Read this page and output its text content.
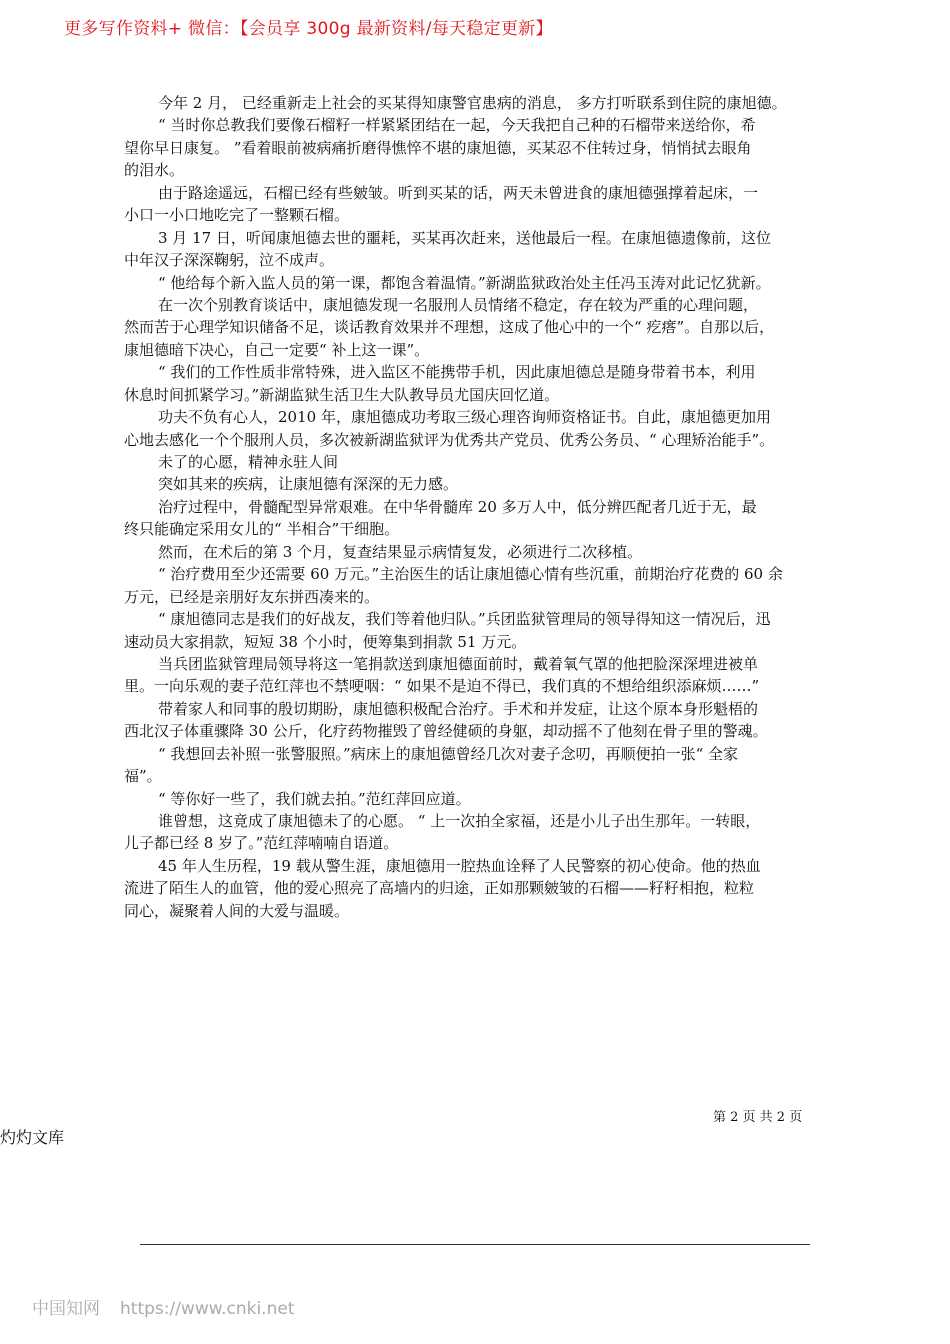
更多写作资料+ 微信：【会员享 300g 最新资料/每天稳定更新】
今年 2 月， 已经重新走上社会的买某得知康警官患病的消息， 多方打听联系到住院的康旭德。
“ 当时你总教我们要像石榴籽一样紧紧团结在一起，今天我把自己种的石榴带来送给你，希
望你早日康复。 ”看着眼前被病痛折磨得憔悴不堪的康旭德，买某忍不住转过身，悄悄拭去眼角
的泪水。
由于路途遥远，石榴已经有些皴皱。听到买某的话，两天未曾进食的康旭德强撑着起床，一
小口一小口地吃完了一整颗石榴。
3 月 17 日，听闻康旭德去世的噩耗，买某再次赶来，送他最后一程。在康旭德遗像前，这位
中年汉子深深鞠躬，泣不成声。
“ 他给每个新入监人员的第一课，都饱含着温情。”新湖监狱政治处主任冯玉涛对此记忆犹新。
在一次个别教育谈话中，康旭德发现一名服刑人员情绪不稳定，存在较为严重的心理问题，
然而苦于心理学知识储备不足，谈话教育效果并不理想，这成了他心中的一个“ 疙瘩”。自那以后，
康旭德暗下决心，自己一定要“ 补上这一课”。
“ 我们的工作性质非常特殊，进入监区不能携带手机，因此康旭德总是随身带着书本，利用
休息时间抓紧学习。”新湖监狱生活卫生大队教导员尤国庆回忆道。
功夫不负有心人，2010 年，康旭德成功考取三级心理咨询师资格证书。自此，康旭德更加用
心地去感化一个个服刑人员，多次被新湖监狱评为优秀共产党员、优秀公务员、“ 心理矫治能手”。
未了的心愿，精神永驻人间
突如其来的疾病，让康旭德有深深的无力感。
治疗过程中，骨髓配型异常艰难。在中华骨髓库 20 多万人中，低分辨匹配者几近于无，最
终只能确定采用女儿的“ 半相合”干细胞。
然而，在术后的第 3 个月，复查结果显示病情复发，必须进行二次移植。
“ 治疗费用至少还需要 60 万元。”主治医生的话让康旭德心情有些沉重，前期治疗花费的 60 余
万元，已经是亲朋好友东拼西凑来的。
“ 康旭德同志是我们的好战友，我们等着他归队。”兵团监狱管理局的领导得知这一情况后，迅
速动员大家捐款，短短 38 个小时，便筹集到捐款 51 万元。
当兵团监狱管理局领导将这一笔捐款送到康旭德面前时，戴着氧气罩的他把脸深深埋进被单
里。一向乐观的妻子范红萍也不禁哽咽：“ 如果不是迫不得已，我们真的不想给组织添麻烦……”
带着家人和同事的殷切期盼，康旭德积极配合治疗。手术和并发症，让这个原本身形魁梧的
西北汉子体重骤降 30 公斤，化疗药物摧毁了曾经健硕的身躯，却动摇不了他刻在骨子里的警魂。
“ 我想回去补照一张警服照。”病床上的康旭德曾经几次对妻子念叨，再顺便拍一张“ 全家
福”。
“ 等你好一些了，我们就去拍。”范红萍回应道。
谁曾想，这竟成了康旭德未了的心愿。 “ 上一次拍全家福，还是小儿子出生那年。一转眼，
儿子都已经 8 岁了。”范红萍喃喃自语道。
45 年人生历程，19 载从警生涯，康旭德用一腔热血诠释了人民警察的初心使命。他的热血
流进了陌生人的血管，他的爱心照亮了高墙内的归途，正如那颗皴皱的石榴——籽籽相抱，粒粒
同心，凝聚着人间的大爱与温暖。
第 2 页 共 2 页
灼灼文库
中国知网 https://www.cnki.net
